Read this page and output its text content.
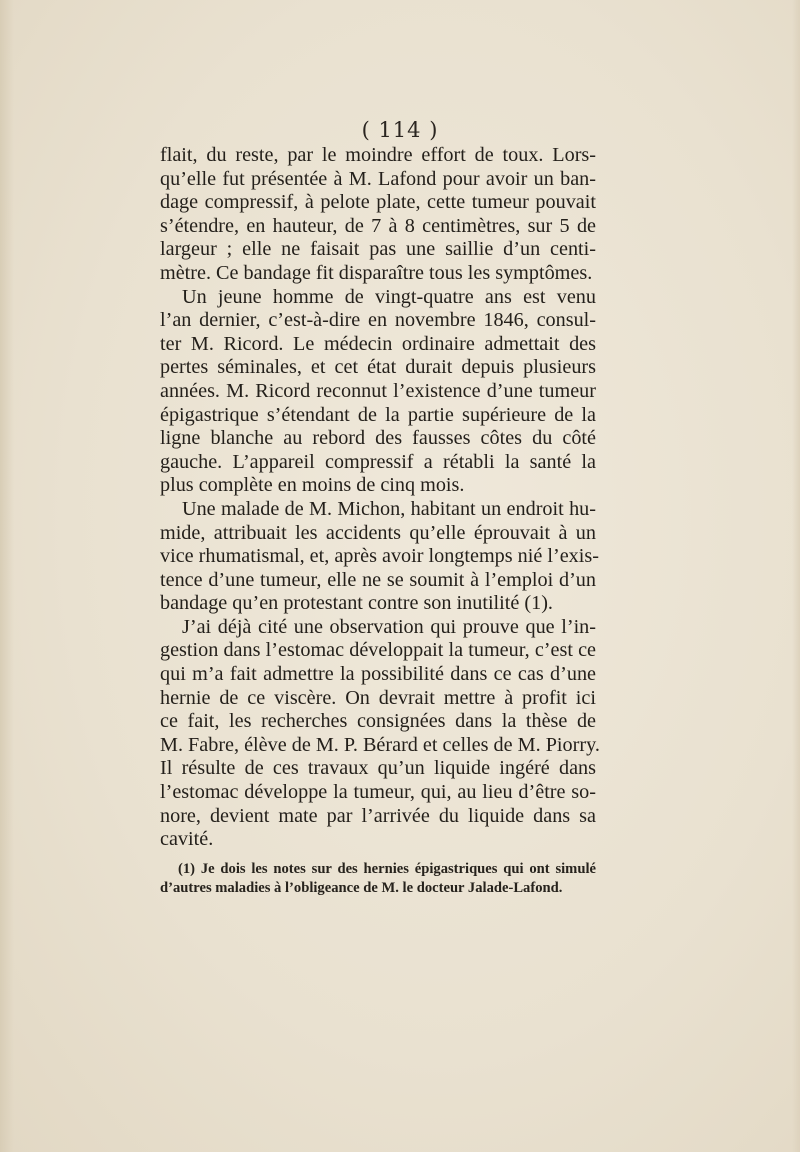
( 114 )
flait, du reste, par le moindre effort de toux. Lors-
qu’elle fut présentée à M. Lafond pour avoir un ban-
dage compressif, à pelote plate, cette tumeur pouvait
s’étendre, en hauteur, de 7 à 8 centimètres, sur 5 de
largeur ; elle ne faisait pas une saillie d’un centi-
mètre. Ce bandage fit disparaître tous les symptômes.
Un jeune homme de vingt-quatre ans est venu
l’an dernier, c’est-à-dire en novembre 1846, consul-
ter M. Ricord. Le médecin ordinaire admettait des
pertes séminales, et cet état durait depuis plusieurs
années. M. Ricord reconnut l’existence d’une tumeur
épigastrique s’étendant de la partie supérieure de la
ligne blanche au rebord des fausses côtes du côté
gauche. L’appareil compressif a rétabli la santé la
plus complète en moins de cinq mois.
Une malade de M. Michon, habitant un endroit hu-
mide, attribuait les accidents qu’elle éprouvait à un
vice rhumatismal, et, après avoir longtemps nié l’exis-
tence d’une tumeur, elle ne se soumit à l’emploi d’un
bandage qu’en protestant contre son inutilité (1).
J’ai déjà cité une observation qui prouve que l’in-
gestion dans l’estomac développait la tumeur, c’est ce
qui m’a fait admettre la possibilité dans ce cas d’une
hernie de ce viscère. On devrait mettre à profit ici
ce fait, les recherches consignées dans la thèse de
M. Fabre, élève de M. P. Bérard et celles de M. Piorry.
Il résulte de ces travaux qu’un liquide ingéré dans
l’estomac développe la tumeur, qui, au lieu d’être so-
nore, devient mate par l’arrivée du liquide dans sa
cavité.
(1) Je dois les notes sur des hernies épigastriques qui ont simulé
d’autres maladies à l’obligeance de M. le docteur Jalade-Lafond.
